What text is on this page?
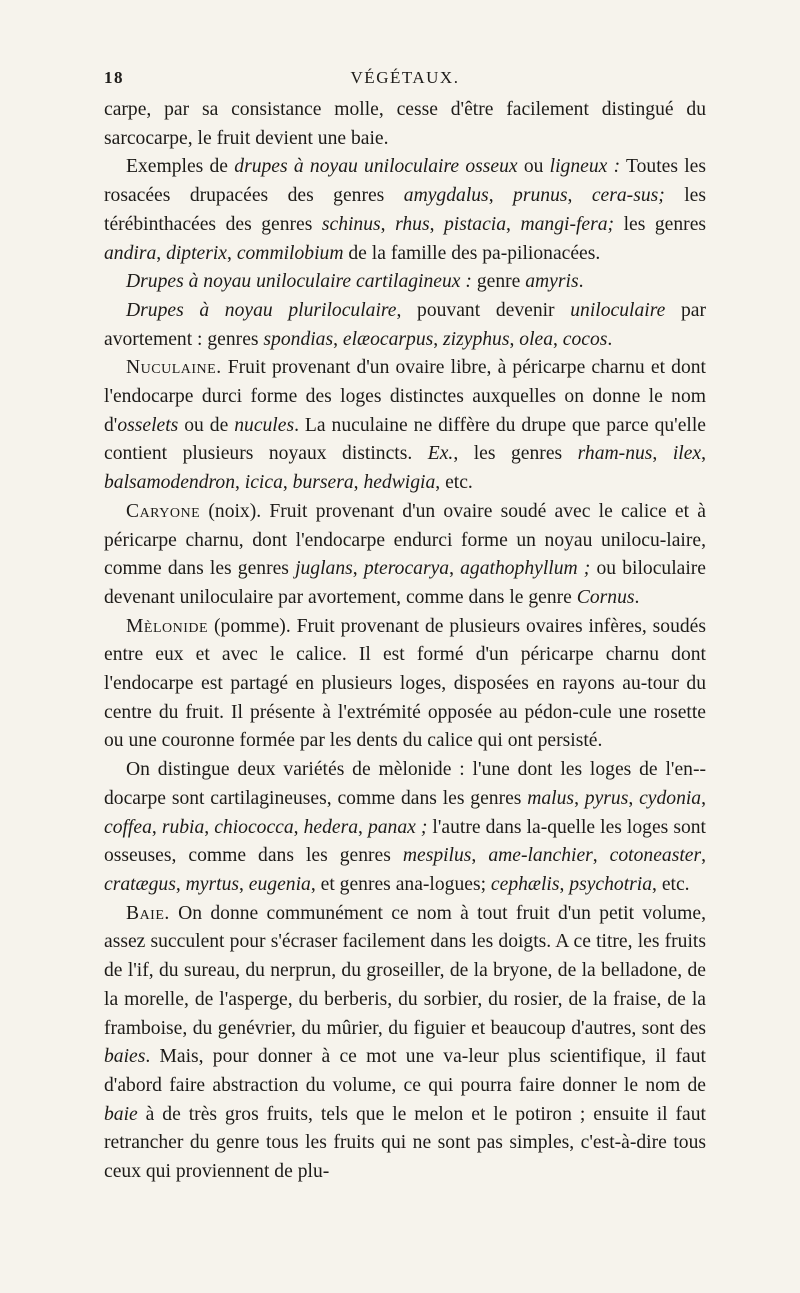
18	VÉGÉTAUX.

carpe, par sa consistance molle, cesse d'être facilement distingué du sarcocarpe, le fruit devient une baie.

Exemples de drupes à noyau uniloculaire osseux ou ligneux : Toutes les rosacées drupacées des genres amygdalus, prunus, cera-sus; les térébinthacées des genres schinus, rhus, pistacia, mangi-fera; les genres andira, dipterix, commilobium de la famille des pa-pilionacées.

Drupes à noyau uniloculaire cartilagineux : genre amyris.

Drupes à noyau pluriloculaire, pouvant devenir uniloculaire par avortement : genres spondias, elæocarpus, zizyphus, olea, cocos.

Nuculaine. Fruit provenant d'un ovaire libre, à péricarpe charnu et dont l'endocarpe durci forme des loges distinctes auxquelles on donne le nom d'osselets ou de nucules. La nuculaine ne diffère du drupe que parce qu'elle contient plusieurs noyaux distincts. Ex., les genres rham-nus, ilex, balsamodendron, icica, bursera, hedwigia, etc.

Caryone (noix). Fruit provenant d'un ovaire soudé avec le calice et à péricarpe charnu, dont l'endocarpe endurci forme un noyau unilocu-laire, comme dans les genres juglans, pterocarya, agathophyllum ; ou biloculaire devenant uniloculaire par avortement, comme dans le genre Cornus.

Mèlonide (pomme). Fruit provenant de plusieurs ovaires infères, soudés entre eux et avec le calice. Il est formé d'un péricarpe charnu dont l'endocarpe est partagé en plusieurs loges, disposées en rayons au-tour du centre du fruit. Il présente à l'extrémité opposée au pédon-cule une rosette ou une couronne formée par les dents du calice qui ont persisté.

On distingue deux variétés de mèlonide : l'une dont les loges de l'en-docarpe sont cartilagineuses, comme dans les genres malus, pyrus, cydonia, coffea, rubia, chiococca, hedera, panax ; l'autre dans la-quelle les loges sont osseuses, comme dans les genres mespilus, ame-lanchier, cotoneaster, cratægus, myrtus, eugenia, et genres ana-logues; cephælis, psychotria, etc.

Baie. On donne communément ce nom à tout fruit d'un petit volume, assez succulent pour s'écraser facilement dans les doigts. A ce titre, les fruits de l'if, du sureau, du nerprun, du groseiller, de la bryone, de la belladone, de la morelle, de l'asperge, du berberis, du sorbier, du rosier, de la fraise, de la framboise, du genévrier, du mûrier, du figuier et beaucoup d'autres, sont des baies. Mais, pour donner à ce mot une va-leur plus scientifique, il faut d'abord faire abstraction du volume, ce qui pourra faire donner le nom de baie à de très gros fruits, tels que le melon et le potiron ; ensuite il faut retrancher du genre tous les fruits qui ne sont pas simples, c'est-à-dire tous ceux qui proviennent de plu-
